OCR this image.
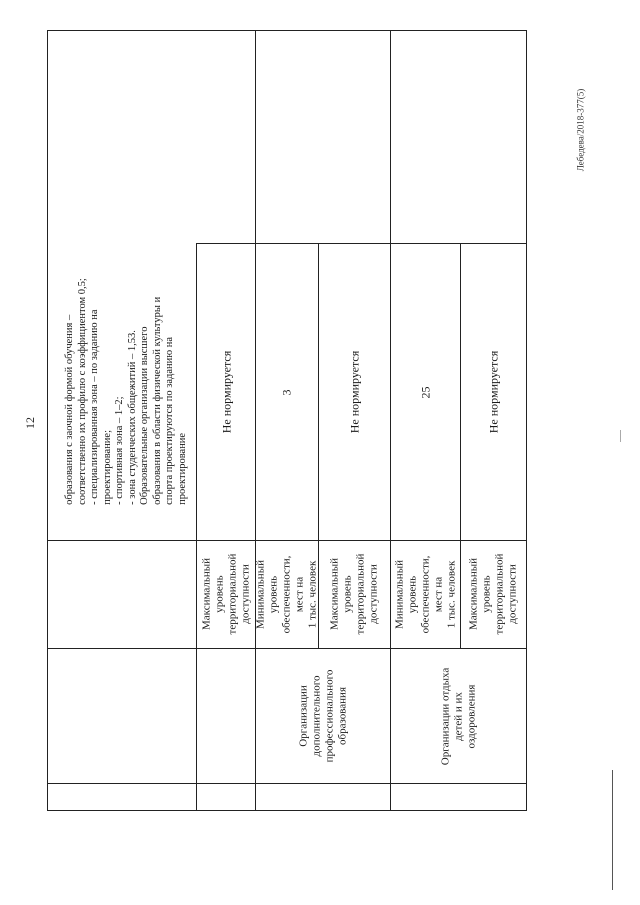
12
Лебедева/2018-377(5)
образования с заочной формой обучения – соответственно их профилю с коэффициентом 0,5; - специализированная зона – по заданию на проектирование; - спортивная зона – 1–2; - зона студенческих общежитий – 1,53. Образовательные организации высшего образования в области физической культуры и спорта проектируются по заданию на проектирование
Максимальный уровень территориальной доступности
Не нормируется
Организации дополнительного профессионального образования
Минимальный уровень обеспеченности, мест на 1 тыс. человек
3
Максимальный уровень территориальной доступности
Не нормируется
Организации отдыха детей и их оздоровления
Минимальный уровень обеспеченности, мест на 1 тыс. человек
25
Максимальный уровень территориальной доступности
Не нормируется
